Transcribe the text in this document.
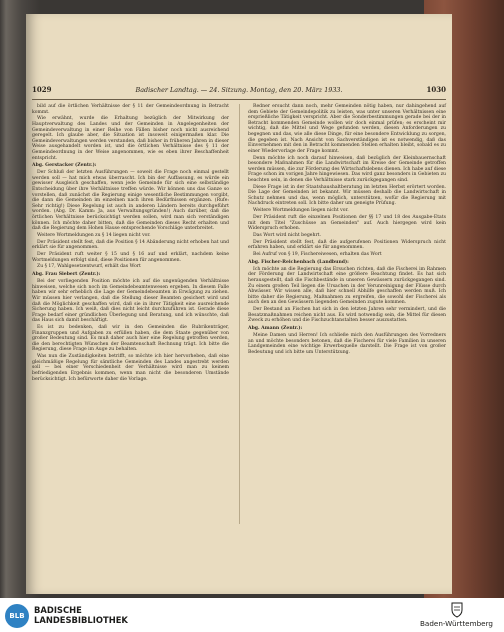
1029	Badischer Landtag. — 24. Sitzung. Montag, den 20. März 1933.	1030

bild auf die örtlichen Verhältnisse der § 11 der Gemeindeordnung in Betracht kommt.

Wie erwähnt, wurde die Erhaltung bezüglich der Mitwirkung der Hauptverwaltung des Landes und der Gemeinden in Angelegenheiten der Gemeindeverwaltung in einer Reihe von Fällen bisher noch nicht ausreichend geregelt. Ich glaube aber, die Situation ist insoweit einigermaßen klar. Die Gemeindeverwaltungen werden verstanden, daß bisher in früheren Jahren in dieser Weise ausgehandelt worden ist, und die örtlichen Verhältnisse des § 11 der Gemeindeordnung in der Weise angenommen, wie es eben ihrer Beschaffenheit entspricht.

Abg. Gerstacker (Zentr.):

Der Schluß der letzten Ausführungen — soweit die Frage noch einmal gestellt werden soll — hat mich etwas überrascht. Ich bin der Auffassung, es würde ein gewisser Ausgleich geschaffen, wenn jede Gemeinde für sich eine selbständige Entscheidung über ihre Verhältnisse treffen würde. Wir können uns das Ganze so vorstellen, daß zunächst die Regierung einige wesentliche Bestimmungen vorgibt, die dann die Gemeinden im einzelnen nach ihren Bedürfnissen ergänzen. (Rufe: Sehr richtig!) Diese Regelung ist auch in anderen Ländern bereits durchgeführt worden. (Abg. Dr. Kamm: Ja, aus Verwaltungsgründen!) Auch darüber, daß die örtlichen Verhältnisse berücksichtigt werden sollen, wird man sich verständigen können. Ich möchte daher bitten, daß die Gemeinden dieses Recht erhalten und daß die Regierung dem Hohen Hause entsprechende Vorschläge unterbreitet.

Weitere Wortmeldungen zu § 14 liegen nicht vor.

Der Präsident stellt fest, daß die Position § 14 Abänderung nicht erhoben hat und erklärt sie für angenommen.

Der Präsident ruft weiter § 15 und § 16 auf und erklärt, nachdem keine Wortmeldungen erfolgt sind, diese Positionen für angenommen.

Zu § 17, Wahlgesetzentwurf, erhält das Wort

Abg. Frau Siebert (Zentr.):

Bei der vorliegenden Position möchte ich auf die ungenügenden Verhältnisse hinweisen, welche sich noch im Gemeindebeamtenwesen ergeben. In diesem Falle haben wir sehr erheblich die Lage der Gemeindebeamten in Erwägung zu ziehen. Wir müssen hier verlangen, daß die Stellung dieser Beamten gesichert wird und daß die Möglichkeit geschaffen wird, daß sie in ihrer Tätigkeit eine ausreichende Sicherung haben. Ich weiß, daß dies nicht leicht durchzuführen ist. Gerade diese Frage bedarf einer gründlichen Überlegung und Beratung, und ich wünschte, daß das Haus sich damit beschäftigt.

Es ist zu bedenken, daß wir in den Gemeinden die Rubrikenträger, Finanzgruppen und Aufgaben zu erfüllen haben, die dem Staate gegenüber von großer Bedeutung sind. Es muß daher auch hier eine Regelung getroffen werden, die den berechtigten Wünschen der Beamtenschaft Rechnung trägt. Ich bitte die Regierung, diese Frage im Auge zu behalten.

Was nun die Zuständigkeiten betrifft, so möchte ich hier hervorheben, daß eine gleichmäßige Regelung für sämtliche Gemeinden des Landes angestrebt werden soll — bei einer Verschiedenheit der Verhältnisse wird man zu keinem befriedigenden Ergebnis kommen, wenn man nicht die besonderen Umstände berücksichtigt. Ich befürworte daher die Vorlage.

Redner ersucht dann noch, mehr Gemeinden nötig haben, nur dahingehend auf dem Gebiete der Gemeindepolitik zu leisten, was unter unseren Verhältnissen eine ersprießliche Tätigkeit verspricht. Aber die Sonderbestimmungen gerade bei der in Betracht kommenden Gemeinde wollen wir doch einmal prüfen; es erscheint mir wichtig, daß die Mittel und Wege gefunden werden, diesen Anforderungen zu begegnen und das, wie alle diese Dinge, für eine besondere Entwicklung zu sorgen, die gegeben ist. Nach Ansicht von Sachverständigen ist es notwendig, daß das Einvernehmen mit den in Betracht kommenden Stellen erhalten bleibt, sobald es zu einer Wiedervorlage der Frage kommt.

Denn möchte ich noch darauf hinweisen, daß bezüglich der Kleinbauernschaft besondere Maßnahmen für die Landwirtschaft im Kreise der Gemeinde getroffen werden müssen, die zur Förderung des Wirtschaftslebens dienen. Ich habe auf diese Frage schon im vorigen Jahre hingewiesen. Das wird ganz besonders in Gebieten zu beachten sein, in denen die Verhältnisse stark zurückgegangen sind.

Diese Frage ist in der Staatshaushaltberatung im letzten Herbst erörtert worden. Die Lage der Gemeinden ist bekannt. Wir müssen deshalb die Landwirtschaft in Schutz nehmen und das, wenn möglich, unterstützen, wofür die Regierung mit Nachdruck eintreten soll. Ich bitte daher um geneigte Prüfung.

Weitere Wortmeldungen liegen nicht vor.

Der Präsident ruft die einzelnen Positionen der §§ 17 und 18 des Ausgabe-Etats mit dem Titel "Zuschüsse an Gemeinden" auf. Auch hiergegen wird kein Widerspruch erhoben.

Das Wort wird nicht begehrt.

Der Präsident stellt fest, daß die aufgerufenen Positionen Widerspruch nicht erfahren haben, und erklärt sie für angenommen.

Bei Aufruf von § 19, Fischereiwesen, erhalten das Wort

Abg. Fischer-Reichenbach (Landbund):

Ich möchte an die Regierung das Ersuchen richten, daß die Fischerei im Rahmen der Förderung der Landwirtschaft eine größere Beachtung findet. Es hat sich herausgestellt, daß die Fischbestände in unseren Gewässern zurückgegangen sind. Zu einem großen Teil liegen die Ursachen in der Verunreinigung der Flüsse durch Abwässer. Wir wissen alle, daß hier schnell Abhilfe geschaffen werden muß. Ich bitte daher die Regierung, Maßnahmen zu ergreifen, die sowohl der Fischerei als auch den an den Gewässern liegenden Gemeinden zugute kommen.

Der Bestand an Fischen hat sich in den letzten Jahren sehr vermindert, und die Besatzmaßnahmen reichen nicht aus. Es wird notwendig sein, die Mittel für diesen Zweck zu erhöhen und die Fischzuchtanstalten besser auszustatten.

Abg. Amann (Zentr.):

Meine Damen und Herren! Ich schließe mich den Ausführungen des Vorredners an und möchte besonders betonen, daß die Fischerei für viele Familien in unseren Landgemeinden eine wichtige Erwerbsquelle darstellt. Die Frage ist von großer Bedeutung und ich bitte um Unterstützung.

BLB
BADISCHE
LANDESBIBLIOTHEK	Baden-Württemberg
